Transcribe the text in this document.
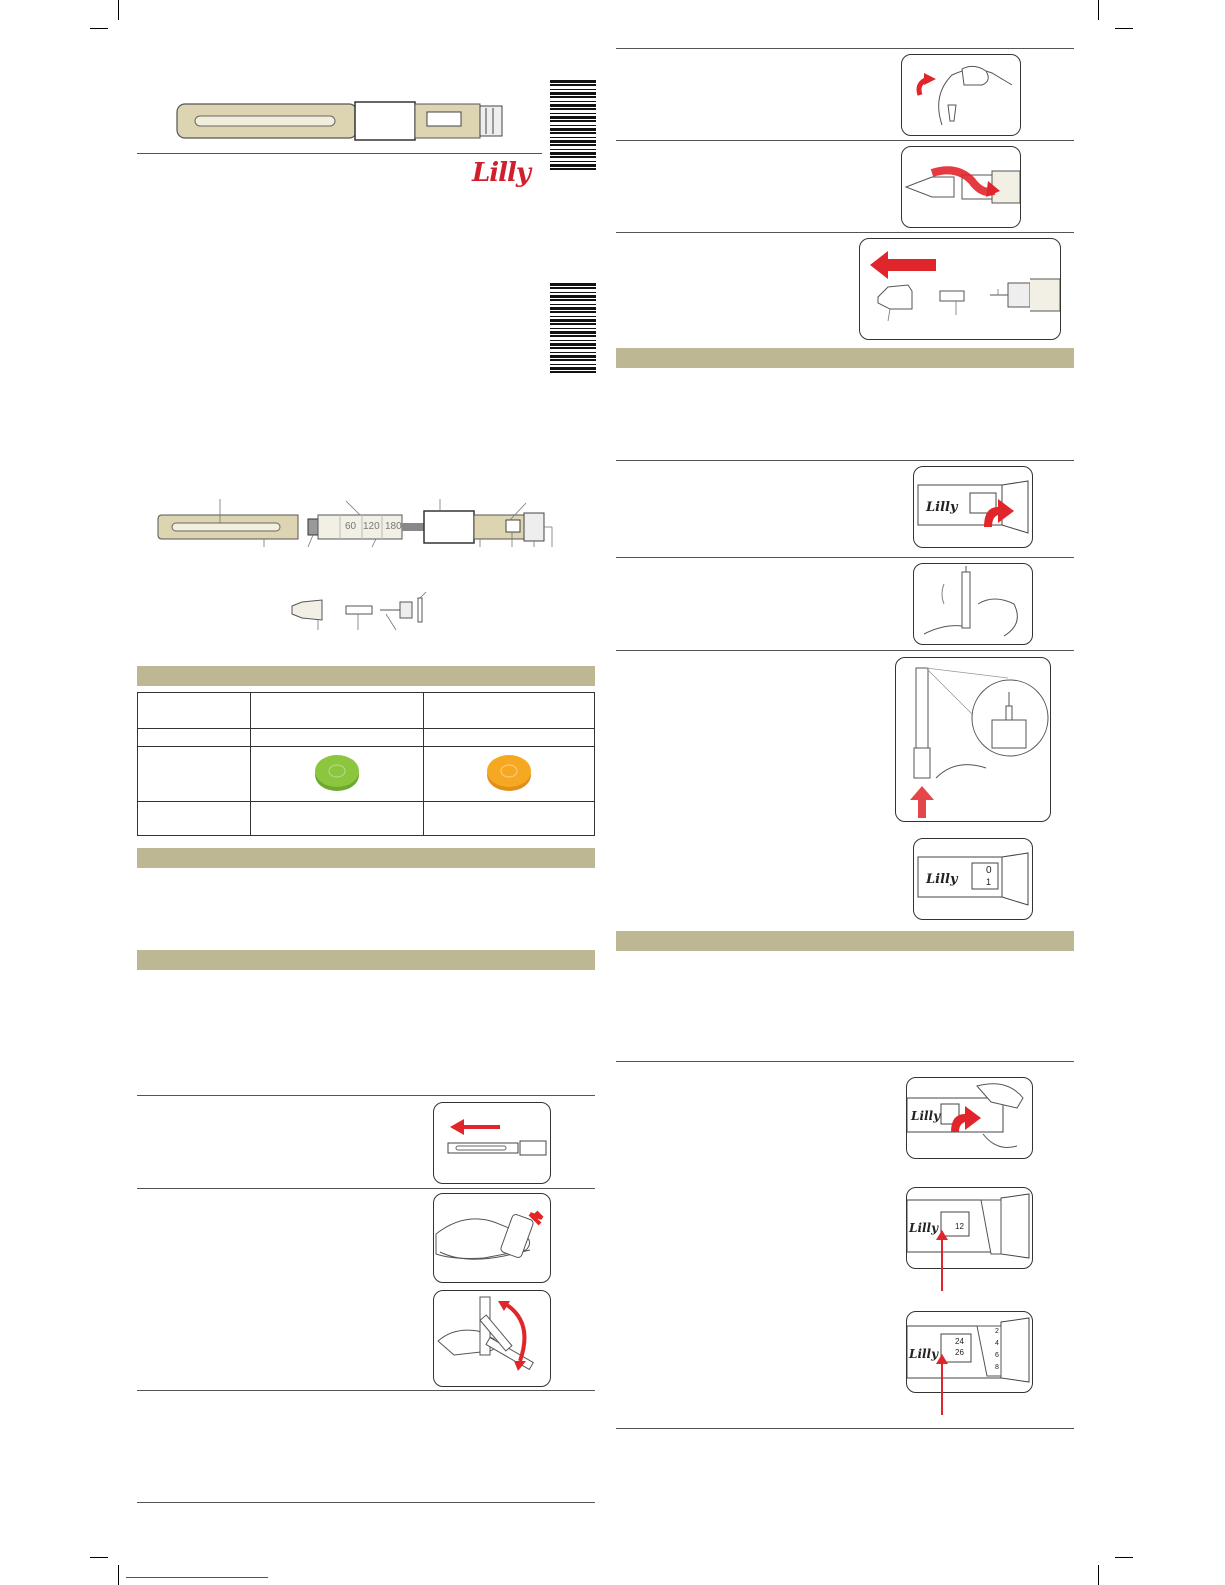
Lilly
60 120 180

Lilly
Lilly
0
1
Lilly
Lilly 12
Lilly
24
26
2
4
6
8
